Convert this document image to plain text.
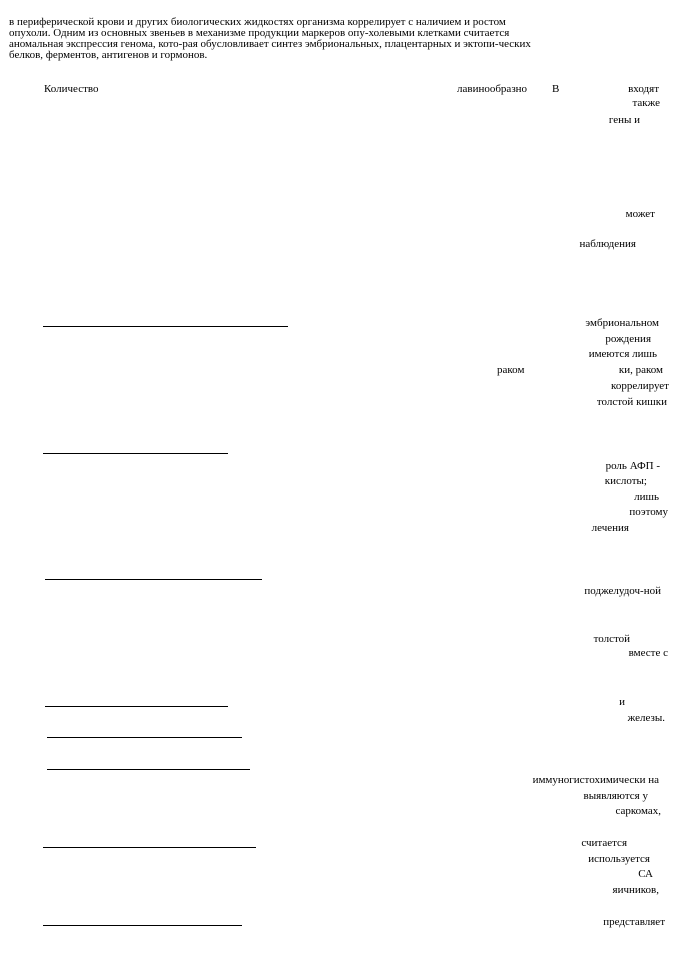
в периферической крови и других биологических жидкостях организма коррелирует с наличием и ростом
опухоли. Одним из основных звеньев в механизме продукции маркеров опу-холевыми клетками считается
аномальная экспрессия генома, кото-рая обусловливает синтез эмбриональных, плацентарных и эктопи-ческих
белков, ферментов, антигенов и гормонов.

Количество	лавинообразно В	входят
также
гены и
может
наблюдения
эмбриональном
рождения
имеются лишь
раком	ки, раком
коррелирует
толстой кишки
роль АФП -
кислоты;
лишь
поэтому
лечения
поджелудоч-ной
толстой
вместе с
и
железы.
иммуногистохимически на
выявляются у
саркомах,
считается
используется
СА
яичников,
представляет
